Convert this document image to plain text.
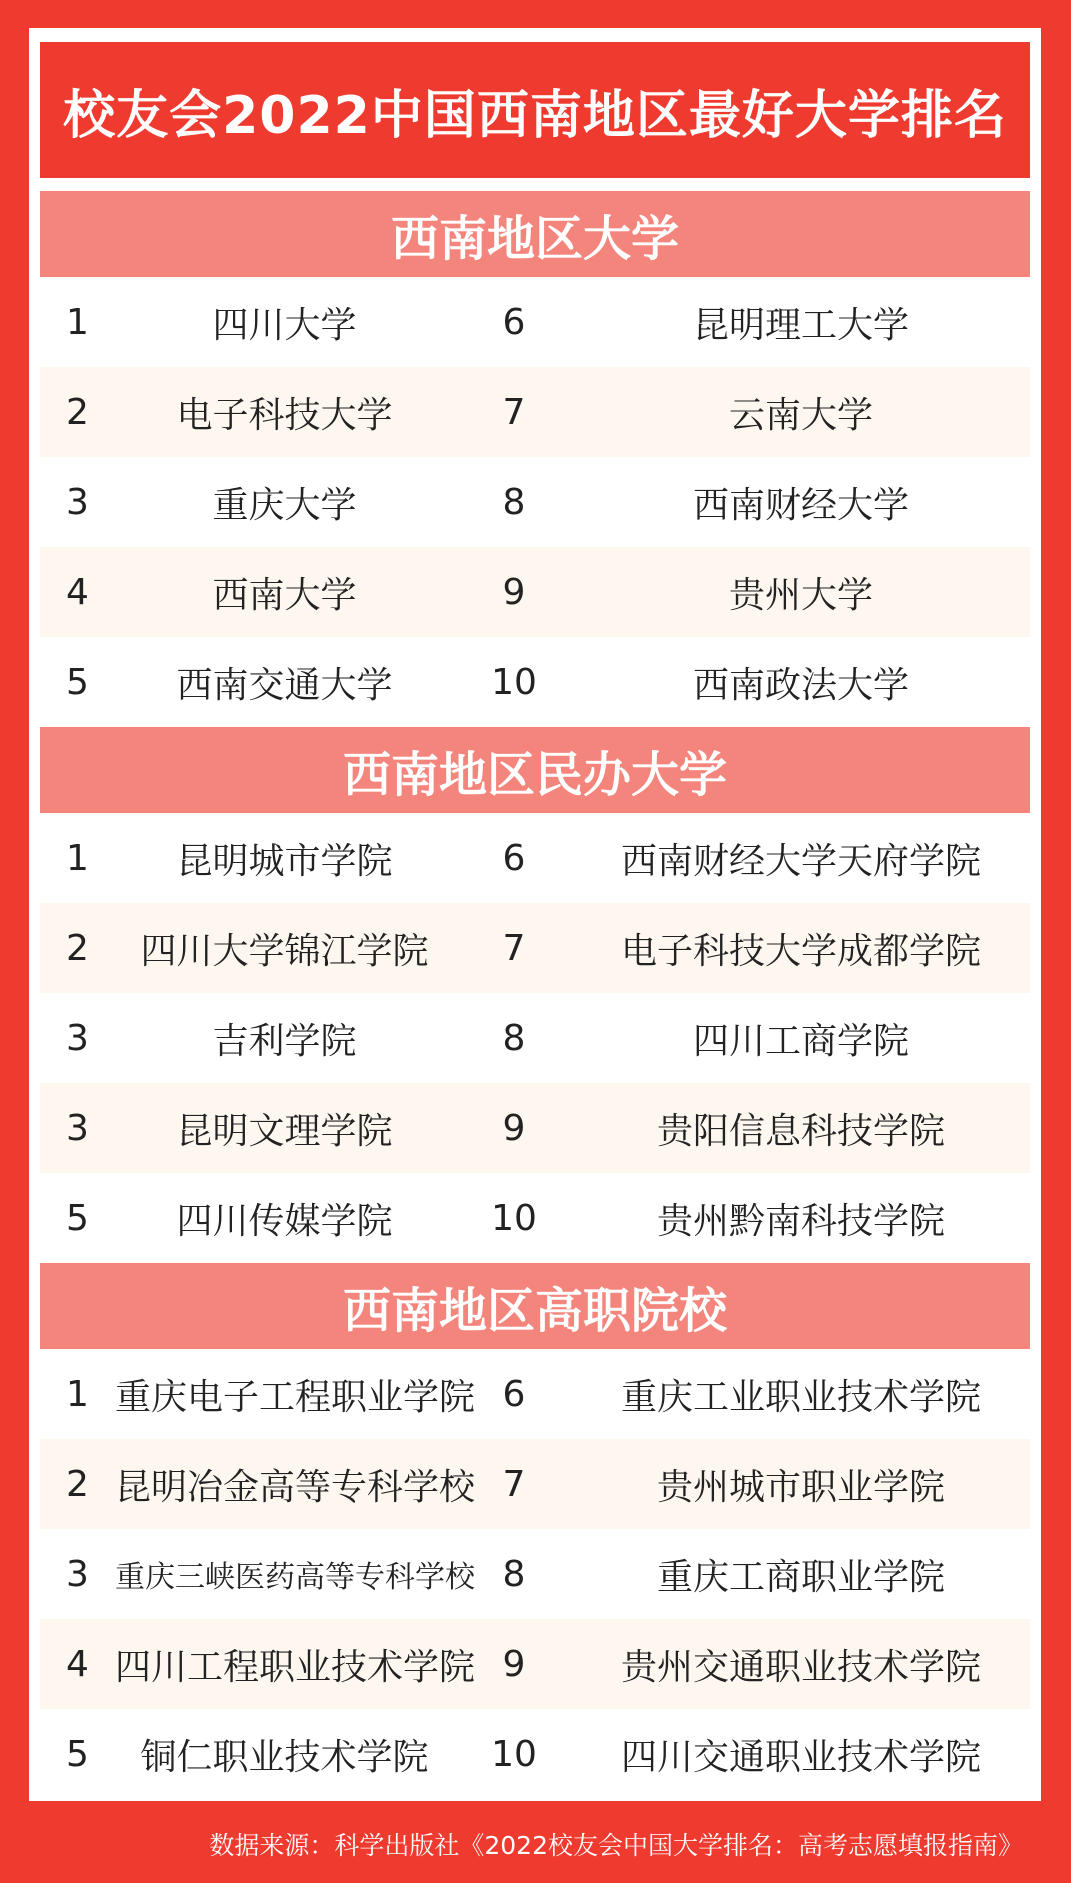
校友会2022中国西南地区最好大学排名
西南地区大学
1	四川大学	6	昆明理工大学
2	电子科技大学	7	云南大学
3	重庆大学	8	西南财经大学
4	西南大学	9	贵州大学
5	西南交通大学	10	西南政法大学
西南地区民办大学
1	昆明城市学院	6	西南财经大学天府学院
2	四川大学锦江学院	7	电子科技大学成都学院
3	吉利学院	8	四川工商学院
3	昆明文理学院	9	贵阳信息科技学院
5	四川传媒学院	10	贵州黔南科技学院
西南地区高职院校
1 重庆电子工程职业学院 6	重庆工业职业技术学院
2 昆明冶金高等专科学校 7	贵州城市职业学院
3 重庆三峡医药高等专科学校 8	重庆工商职业学院
4 四川工程职业技术学院 9	贵州交通职业技术学院
5	铜仁职业技术学院	10	四川交通职业技术学院
数据来源：科学出版社《2022校友会中国大学排名：高考志愿填报指南》
